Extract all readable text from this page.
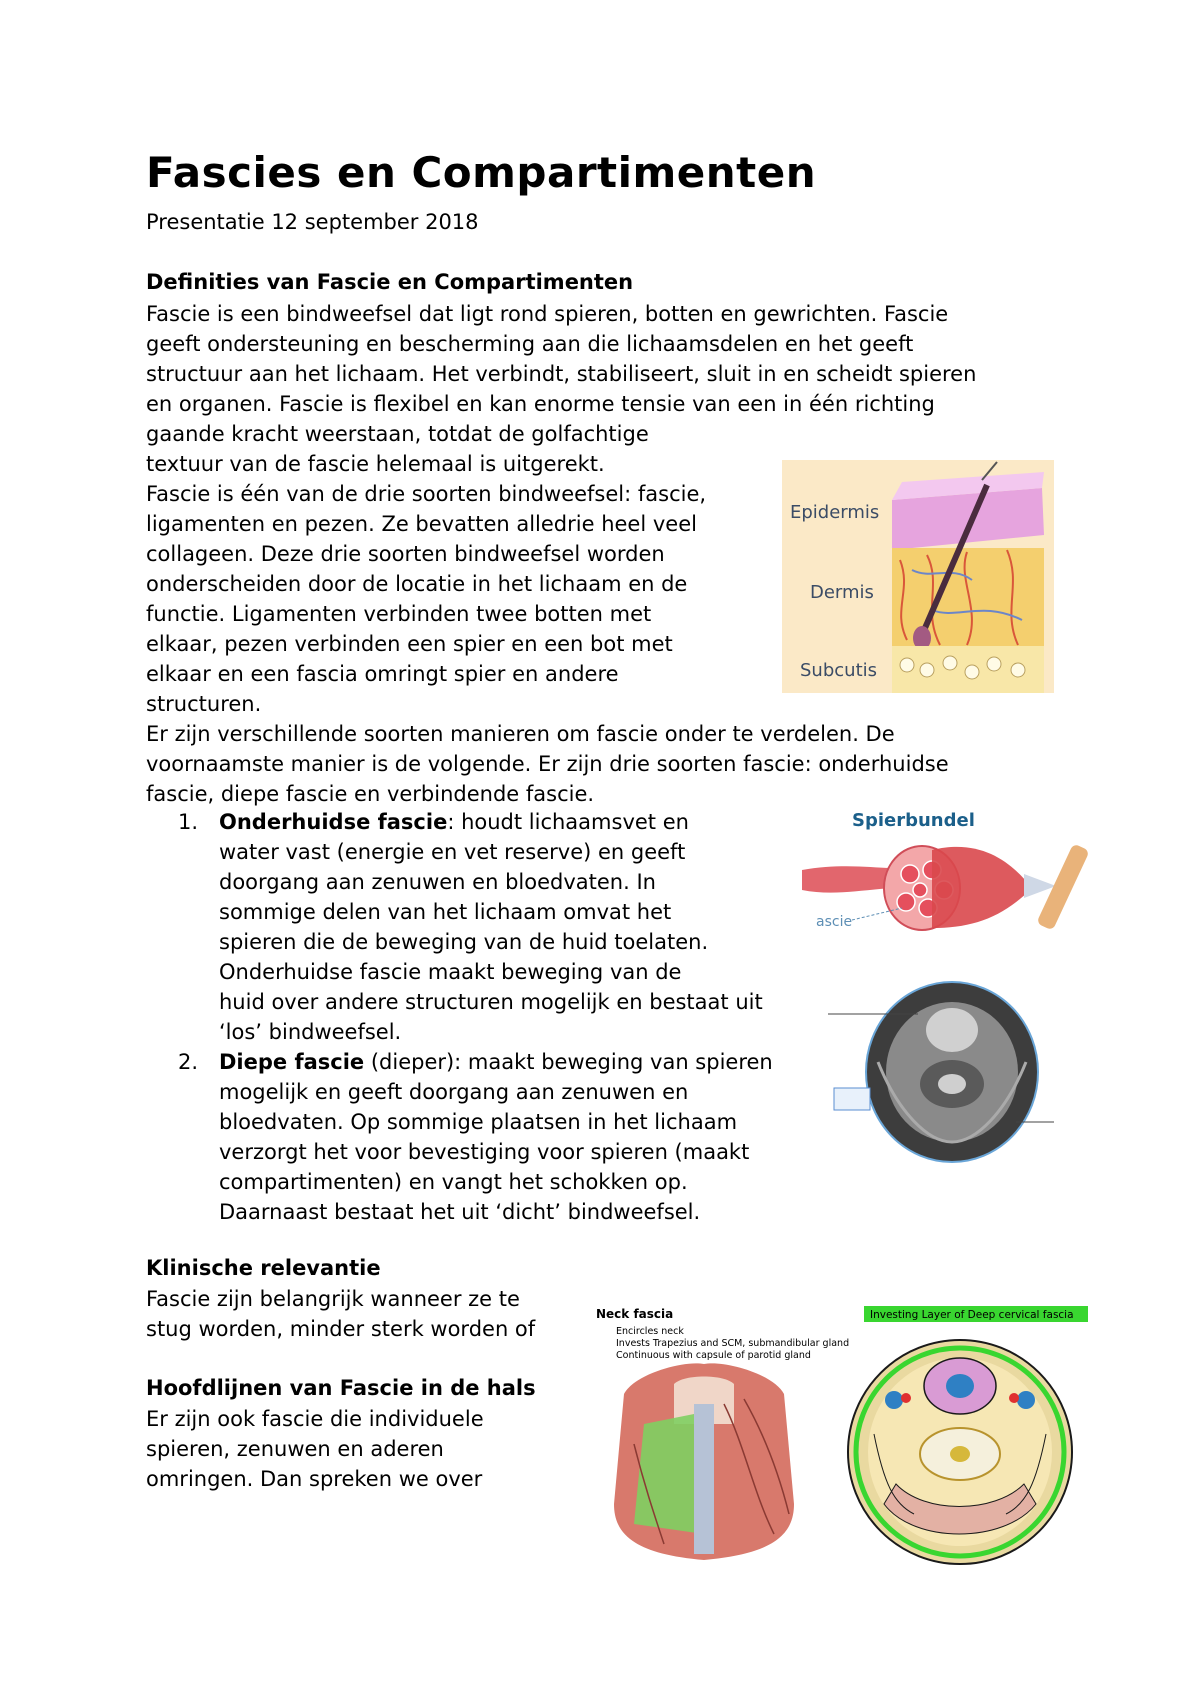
Fascies en Compartimenten
Presentatie 12 september 2018
Definities van Fascie en Compartimenten
Fascie is een bindweefsel dat ligt rond spieren, botten en gewrichten. Fascie
geeft ondersteuning en bescherming aan die lichaamsdelen en het geeft
structuur aan het lichaam. Het verbindt, stabiliseert, sluit in en scheidt spieren
en organen. Fascie is flexibel en kan enorme tensie van een in één richting
gaande kracht weerstaan, totdat de golfachtige
textuur van de fascie helemaal is uitgerekt.
Fascie is één van de drie soorten bindweefsel: fascie,
ligamenten en pezen. Ze bevatten alledrie heel veel
collageen. Deze drie soorten bindweefsel worden
onderscheiden door de locatie in het lichaam en de
functie. Ligamenten verbinden twee botten met
elkaar, pezen verbinden een spier en een bot met
elkaar en een fascia omringt spier en andere
structuren.
Er zijn verschillende soorten manieren om fascie onder te verdelen. De
voornaamste manier is de volgende. Er zijn drie soorten fascie: onderhuidse
fascie, diepe fascie en verbindende fascie.
1. Onderhuidse fascie: houdt lichaamsvet en
water vast (energie en vet reserve) en geeft
doorgang aan zenuwen en bloedvaten. In
sommige delen van het lichaam omvat het
spieren die de beweging van de huid toelaten.
Onderhuidse fascie maakt beweging van de
huid over andere structuren mogelijk en bestaat uit
‘los’ bindweefsel.
2. Diepe fascie (dieper): maakt beweging van spieren
mogelijk en geeft doorgang aan zenuwen en
bloedvaten. Op sommige plaatsen in het lichaam
verzorgt het voor bevestiging voor spieren (maakt
compartimenten) en vangt het schokken op.
Daarnaast bestaat het uit ‘dicht’ bindweefsel.
Klinische relevantie
Fascie zijn belangrijk wanneer ze te
stug worden, minder sterk worden of
Hoofdlijnen van Fascie in de hals
Er zijn ook fascie die individuele
spieren, zenuwen en aderen
omringen. Dan spreken we over
Epidermis
Dermis
Subcutis
Spierbundel
ascie
Neck fascia	Investing Layer of Deep cervical fascia
Encircles neck
Invests Trapezius and SCM, submandibular gland
Continuous with capsule of parotid gland
